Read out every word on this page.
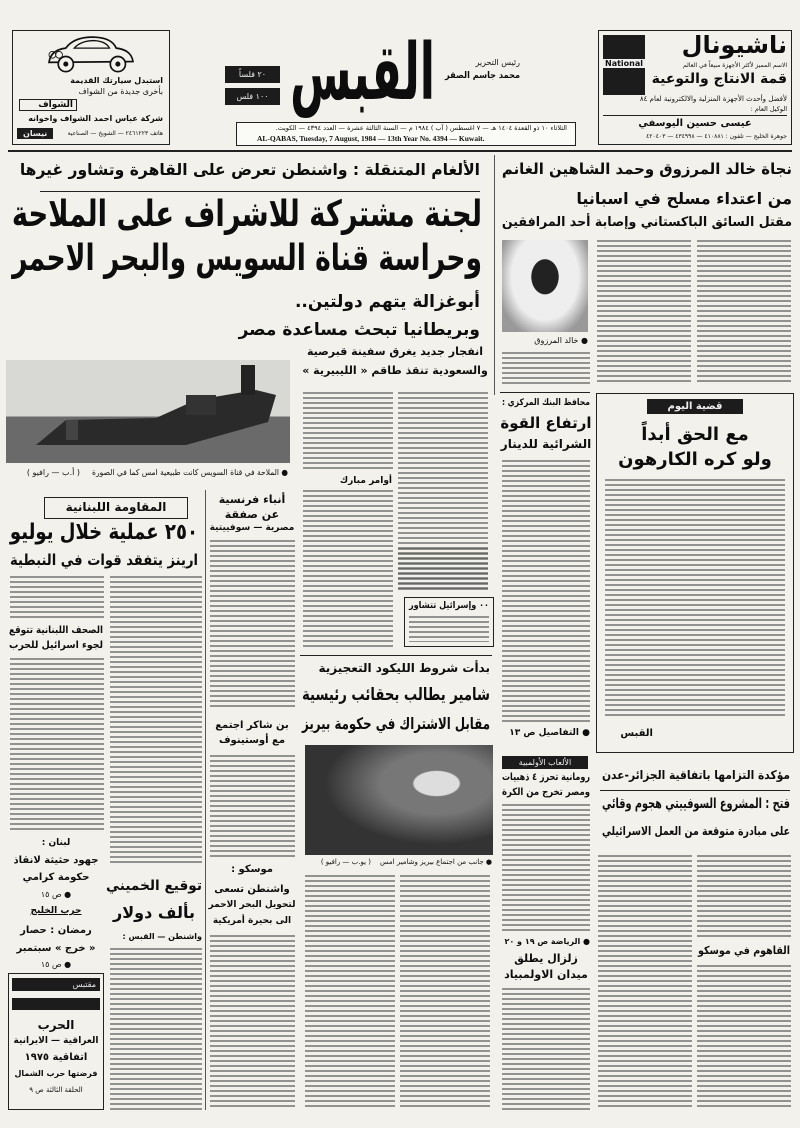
استبدل سيارتك القديمة
بأخرى جديدة من الشواف
الشواف
شركة عباس احمد الشواف واخوانه
نيسان	هاتف ٢٤٦١٢٢٣ — الشويخ — الصناعية
٢٠ فلساً
١٠٠ فلس القبس	رئيس التحرير
محمد جاسم الصقر
الثلاثاء ١٠ ذو القعدة ١٤٠٤ هـ — ٧ اغسطس ( آب ) ١٩٨٤ م — السنة الثالثة عشرة — العدد ٤٣٩٤ — الكويت.
AL-QABAS, Tuesday, 7 August, 1984 — 13th Year No. 4394 — Kuwait.
National
ناشيونال
الاسم المميز لأكثر الأجهزة مبيعاً في العالم
قمة الانتاج والتوعية
لأفضل وأحدث الأجهزة المنزلية والالكترونية لعام ٨٤
الوكيل العام :
عيسى حسين اليوسفي
جوهرة الخليج — تلفون : ٤١٠٨٨١ — ٤٣٤٩٩٨ — ٤٢٠٤٠٣
الألغام المتنقلة : واشنطن تعرض على القاهرة وتشاور غيرها
لجنة مشتركة للاشراف على الملاحة
وحراسة قناة السويس والبحر الاحمر
أبوغزالة يتهم دولتين..
وبريطانيا تبحث مساعدة مصر
انفجار جديد يغرق سفينة قبرصية
والسعودية تنقذ طاقم « الليبيرية »
● الملاحة في قناة السويس كانت طبيعية امس كما في الصورة
( أ.ب — رافيو )
أوامر مبارك
٠٠ وإسرائيل تتشاور
بدأت شروط الليكود التعجيزية
شامير يطالب بحقائب رئيسية
مقابل الاشتراك في حكومة بيريز
● جانب من اجتماع بيريز وشامير امس
( يو.ب — رافيو )
نجاة خالد المرزوق وحمد الشاهين الغانم
من اعتداء مسلح في اسبانيا
مقتل السائق الباكستاني وإصابة أحد المرافقين
● خالد المرزوق
محافظ البنك المركزي :
ارتفاع القوة
الشرائية للدينار
● التفاصيل ص ١٣
قضية اليوم
مع الحق أبداً
ولو كره الكارهون
القبس
الألعاب الأولمبية
رومانية تحرز ٤ ذهبيات
ومصر تخرج من الكرة
● الرياضة ص ١٩ و ٢٠
زلزال يطلق
ميدان الاولمبياد
مؤكدة التزامها باتفاقية الجزائر-عدن
فتح : المشروع السوفييتي هجوم وقائي
على مبادرة متوقعة من العمل الاسرائيلي
القاهوم في موسكو
المقاومة اللبنانية
٢٥٠ عملية خلال يوليو
ارينز يتفقد قوات في النبطية
الصحف اللبنانية تتوقع
لجوء اسرائيل للحرب
أنباء فرنسية
عن صفقة
مصرية — سوفييتية
بن شاكر اجتمع
مع أوستينوف
موسكو :
واشنطن تسعى
لتحويل البحر الاحمر
الى بحيرة أمريكية
توقيع الخميني
بألف دولار
واشنطن — القبس :
لبنان :
جهود حثيثة لانقاذ
حكومة كرامي
● ص ١٥
حرب الخليج
رمضان : حصار
« خرج » سبتمبر
● ص ١٥
مقتبس
الحرب
العراقية — الايرانية
اتفاقية ١٩٧٥
فرضتها حرب الشمال
الحلقة الثالثة ص ٩
